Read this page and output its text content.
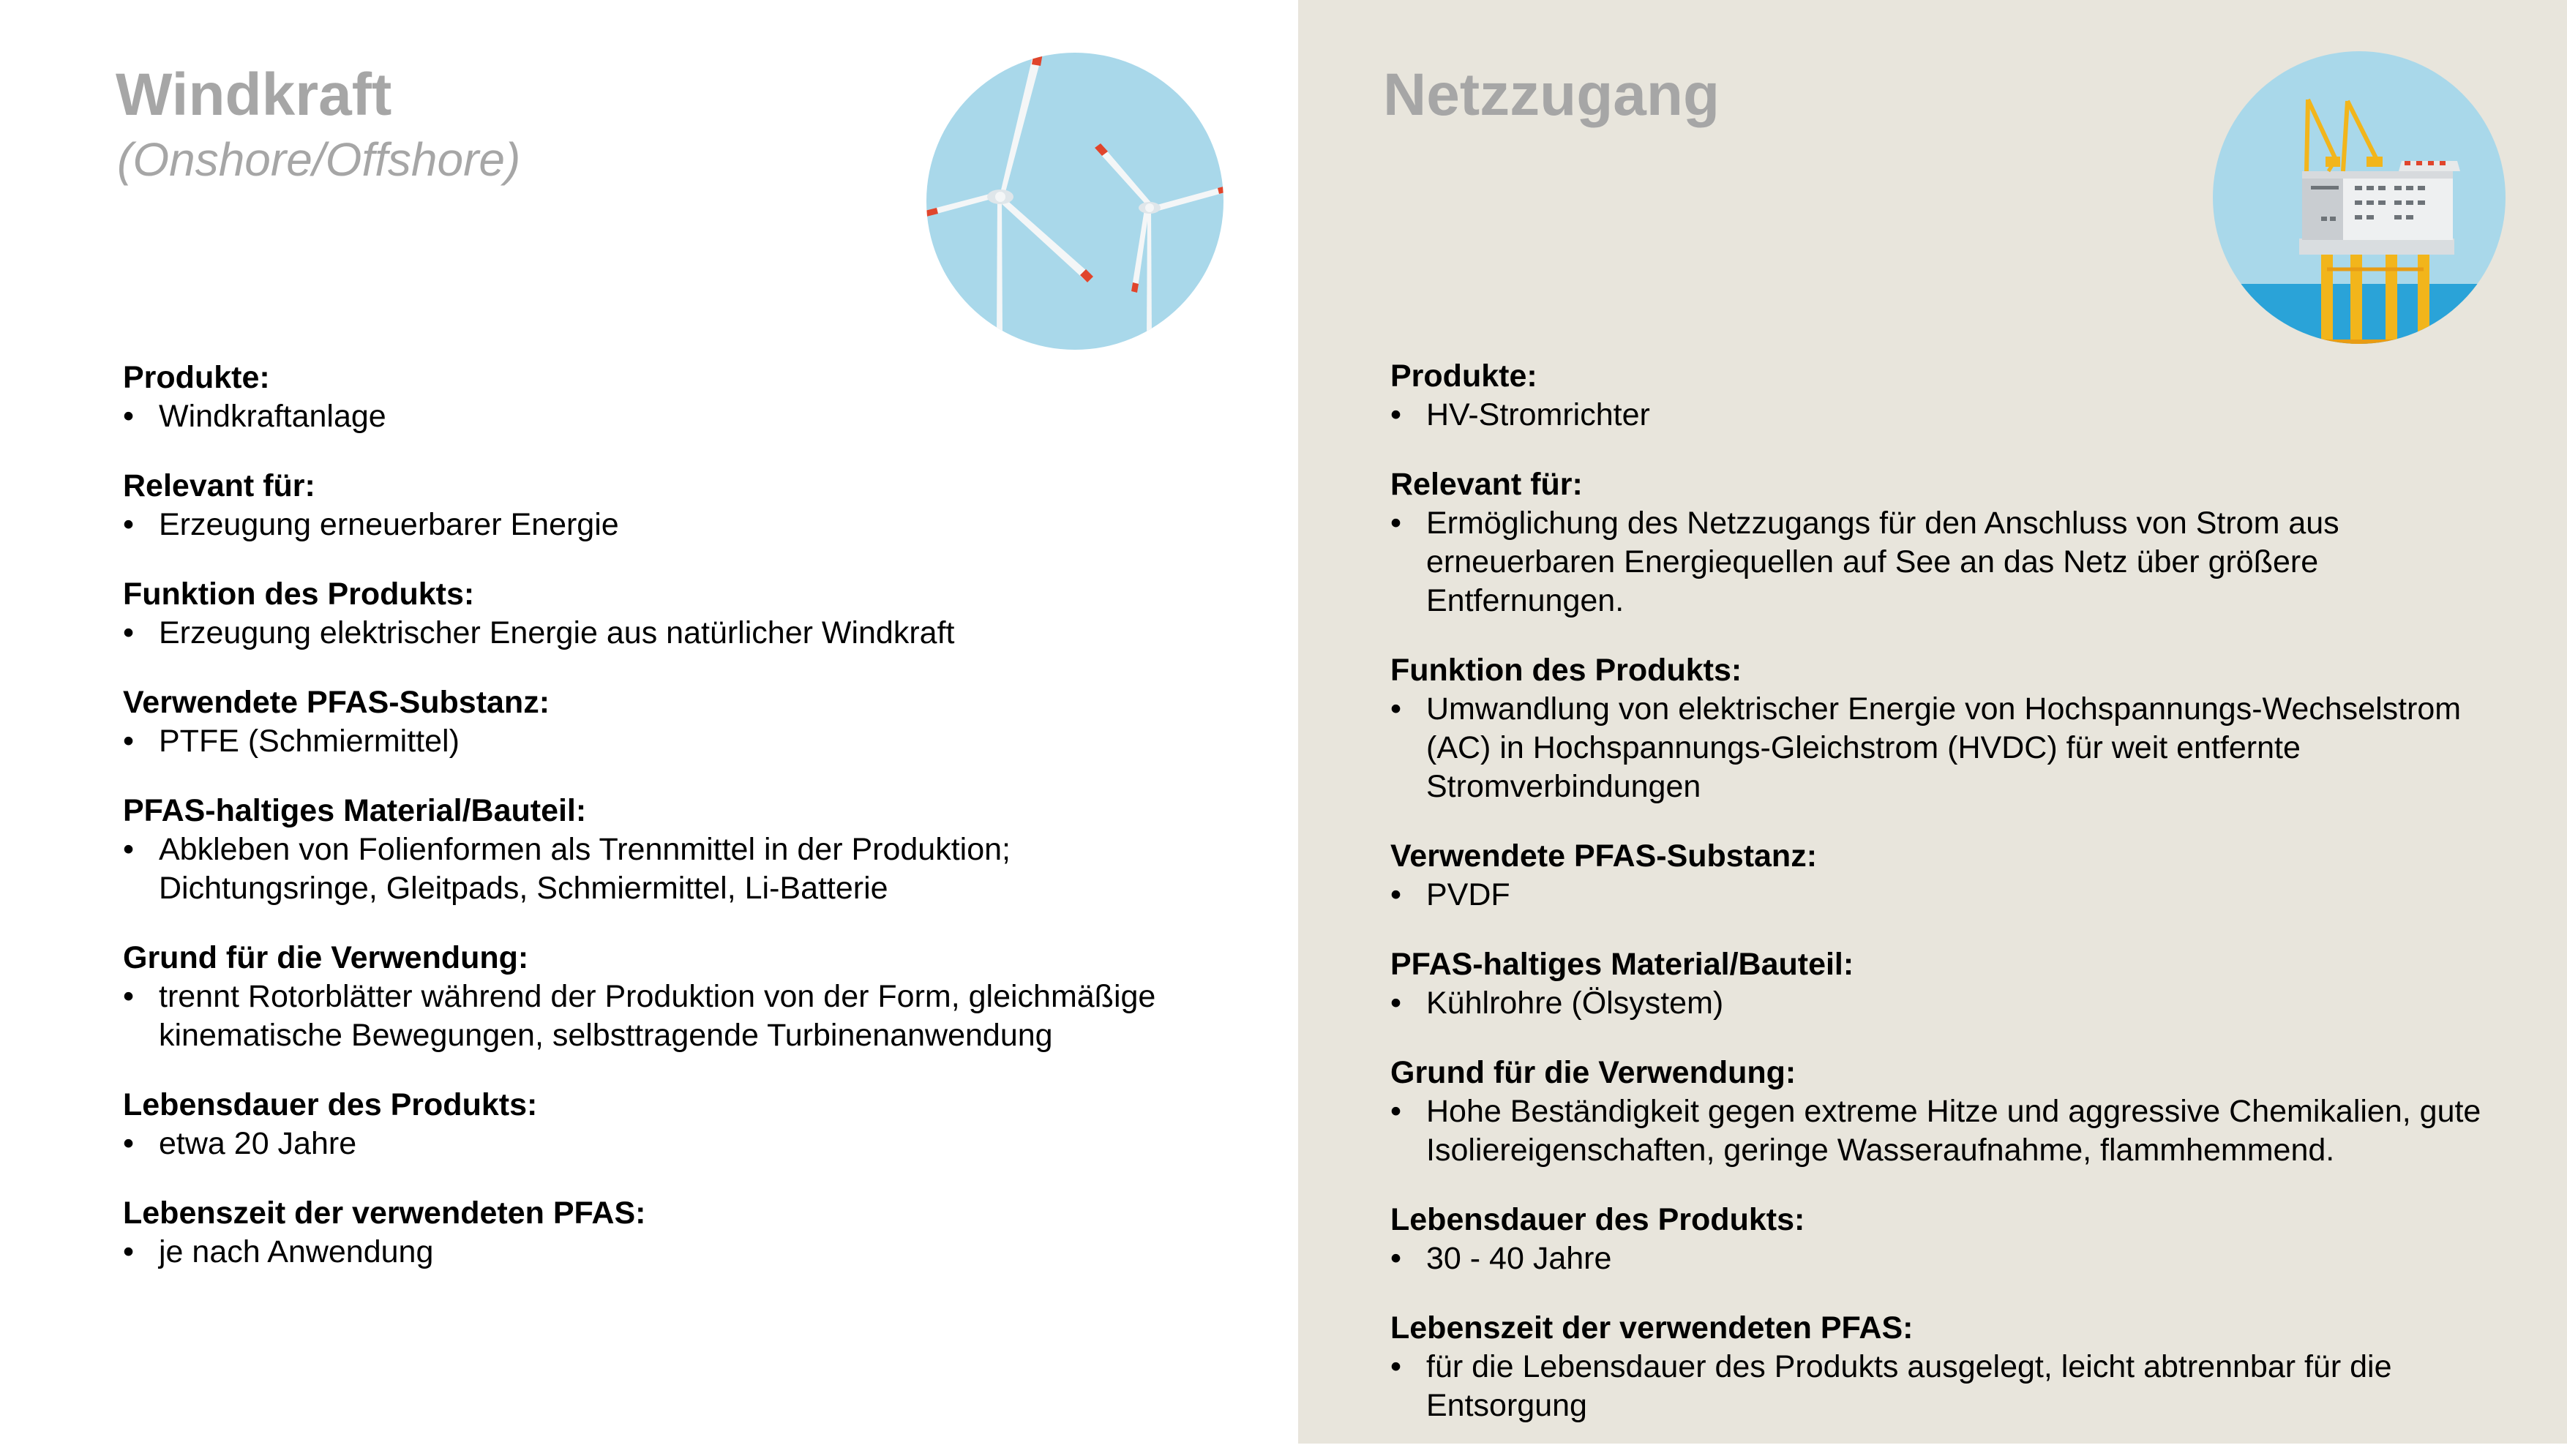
Windkraft
(Onshore/Offshore)
Produkte:
• Windkraftanlage
Relevant für:
• Erzeugung erneuerbarer Energie
Funktion des Produkts:
• Erzeugung elektrischer Energie aus natürlicher Windkraft
Verwendete PFAS-Substanz:
• PTFE (Schmiermittel)
PFAS-haltiges Material/Bauteil:
• Abkleben von Folienformen als Trennmittel in der Produktion; Dichtungsringe, Gleitpads, Schmiermittel, Li-Batterie
Grund für die Verwendung:
• trennt Rotorblätter während der Produktion von der Form, gleichmäßige kinematische Bewegungen, selbsttragende Turbinenanwendung
Lebensdauer des Produkts:
• etwa 20 Jahre
Lebenszeit der verwendeten PFAS:
• je nach Anwendung
Netzzugang
Produkte:
• HV-Stromrichter
Relevant für:
• Ermöglichung des Netzzugangs für den Anschluss von Strom aus erneuerbaren Energiequellen auf See an das Netz über größere Entfernungen.
Funktion des Produkts:
• Umwandlung von elektrischer Energie von Hochspannungs-Wechselstrom (AC) in Hochspannungs-Gleichstrom (HVDC) für weit entfernte Stromverbindungen
Verwendete PFAS-Substanz:
• PVDF
PFAS-haltiges Material/Bauteil:
• Kühlrohre (Ölsystem)
Grund für die Verwendung:
• Hohe Beständigkeit gegen extreme Hitze und aggressive Chemikalien, gute Isoliereigenschaften, geringe Wasseraufnahme, flammhemmend.
Lebensdauer des Produkts:
• 30 - 40 Jahre
Lebenszeit der verwendeten PFAS:
• für die Lebensdauer des Produkts ausgelegt, leicht abtrennbar für die Entsorgung
